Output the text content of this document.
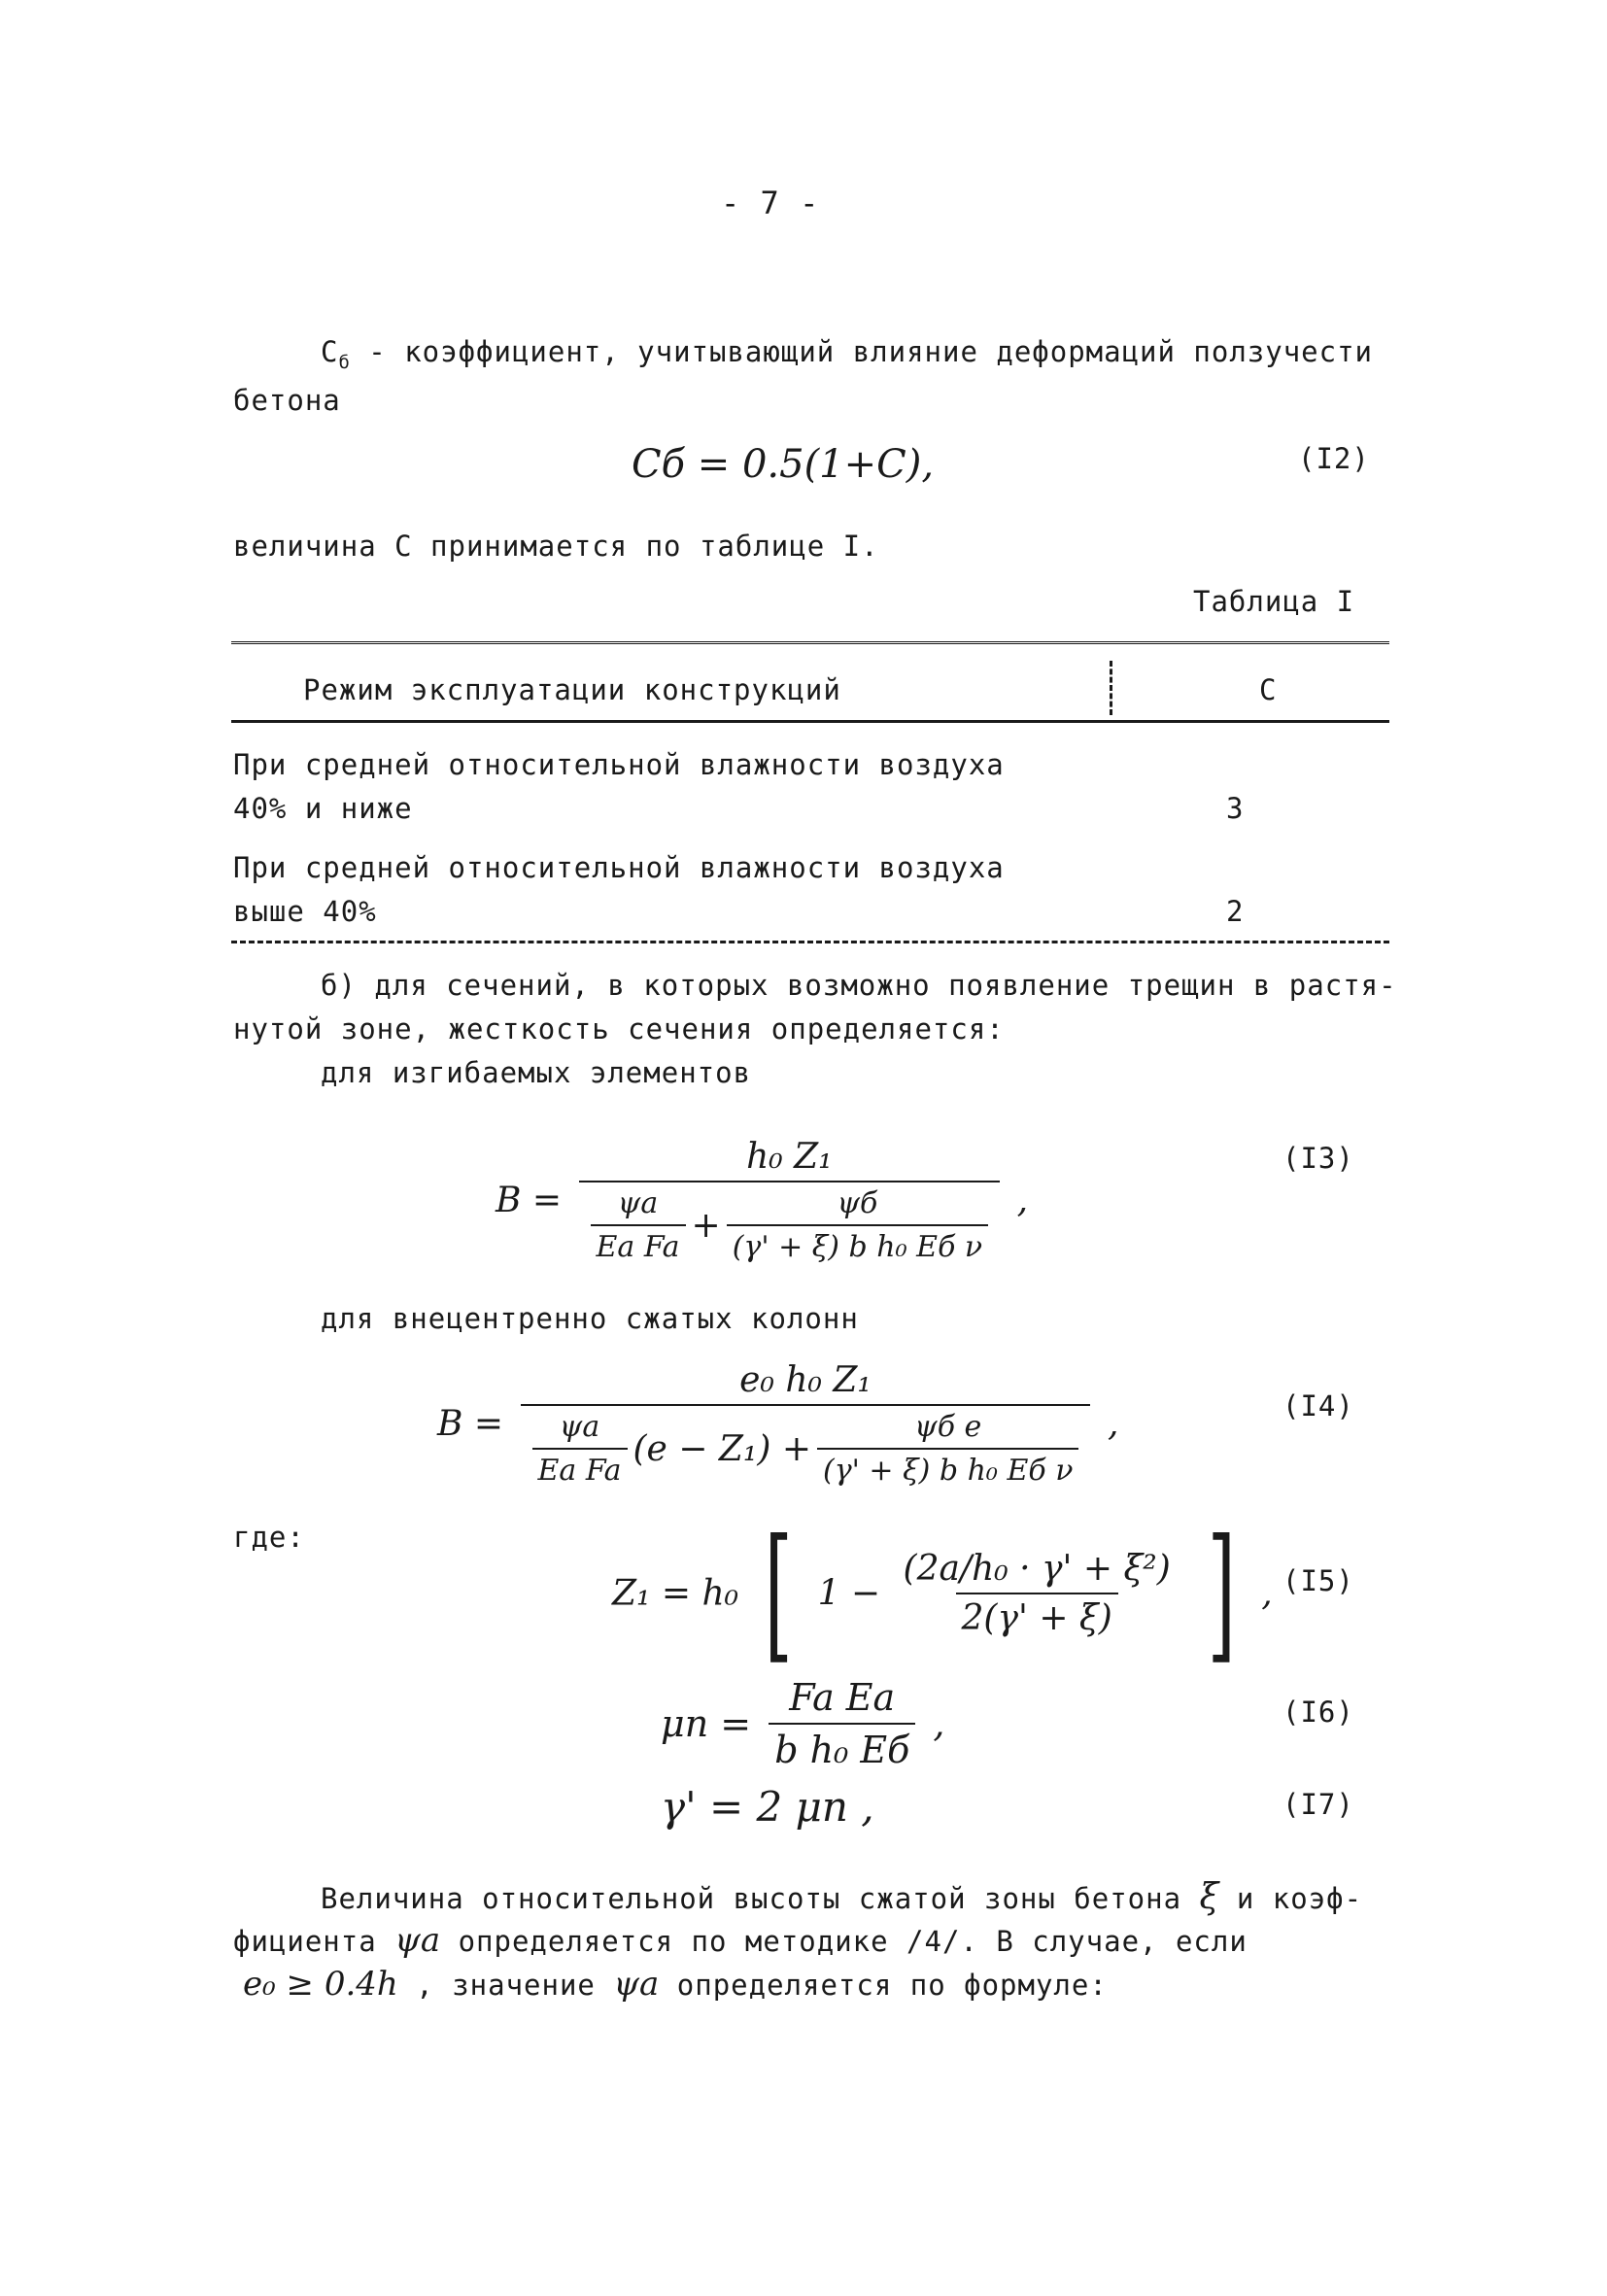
- 7 -
$C_б$ - коэффициент, учитывающий влияние деформаций ползучести
бетона
Cб = 0.5(1+C),	(I2)
величина C принимается по таблице I.
Таблица I
Режим эксплуатации конструкций	C
При средней относительной влажности воздуха
40% и ниже	3
При средней относительной влажности воздуха
выше 40%	2
б) для сечений, в которых возможно появление трещин в растя-
нутой зоне, жесткость сечения определяется:
для изгибаемых элементов
B =
h₀ Z₁
$\frac{\psi a}{\text{Ea Fa}} + \frac{\psi б}{\text{(γ' + ξ) b h₀ Eб ν}}$ ,
(I3)
для внецентренно сжатых колонн
B =
e₀ h₀ Z₁
$\frac{\psi a}{\text{Ea Fa}} (e - Z_1) + \frac{\text{ψб e}}{\text{(γ' + ξ) b h₀ Eб ν}}$ ,	(I4)
где:
Z₁ = h₀ [ $1 - \frac{\text{(2a/h₀ · γ' + ξ²)}}{2(\gamma' + \xi)}$ ] , (I5)
$\mu n = \frac{\text{Fa Ea}}{\text{b h₀ Eб}}$ ,	(I6)
γ' = 2 μn ,	(I7)
Величина относительной высоты сжатой зоны бетона ξ и коэф-
фициента ψa определяется по методике /4/. В случае, если
e₀ ≥ 0.4h , значение ψa определяется по формуле:
